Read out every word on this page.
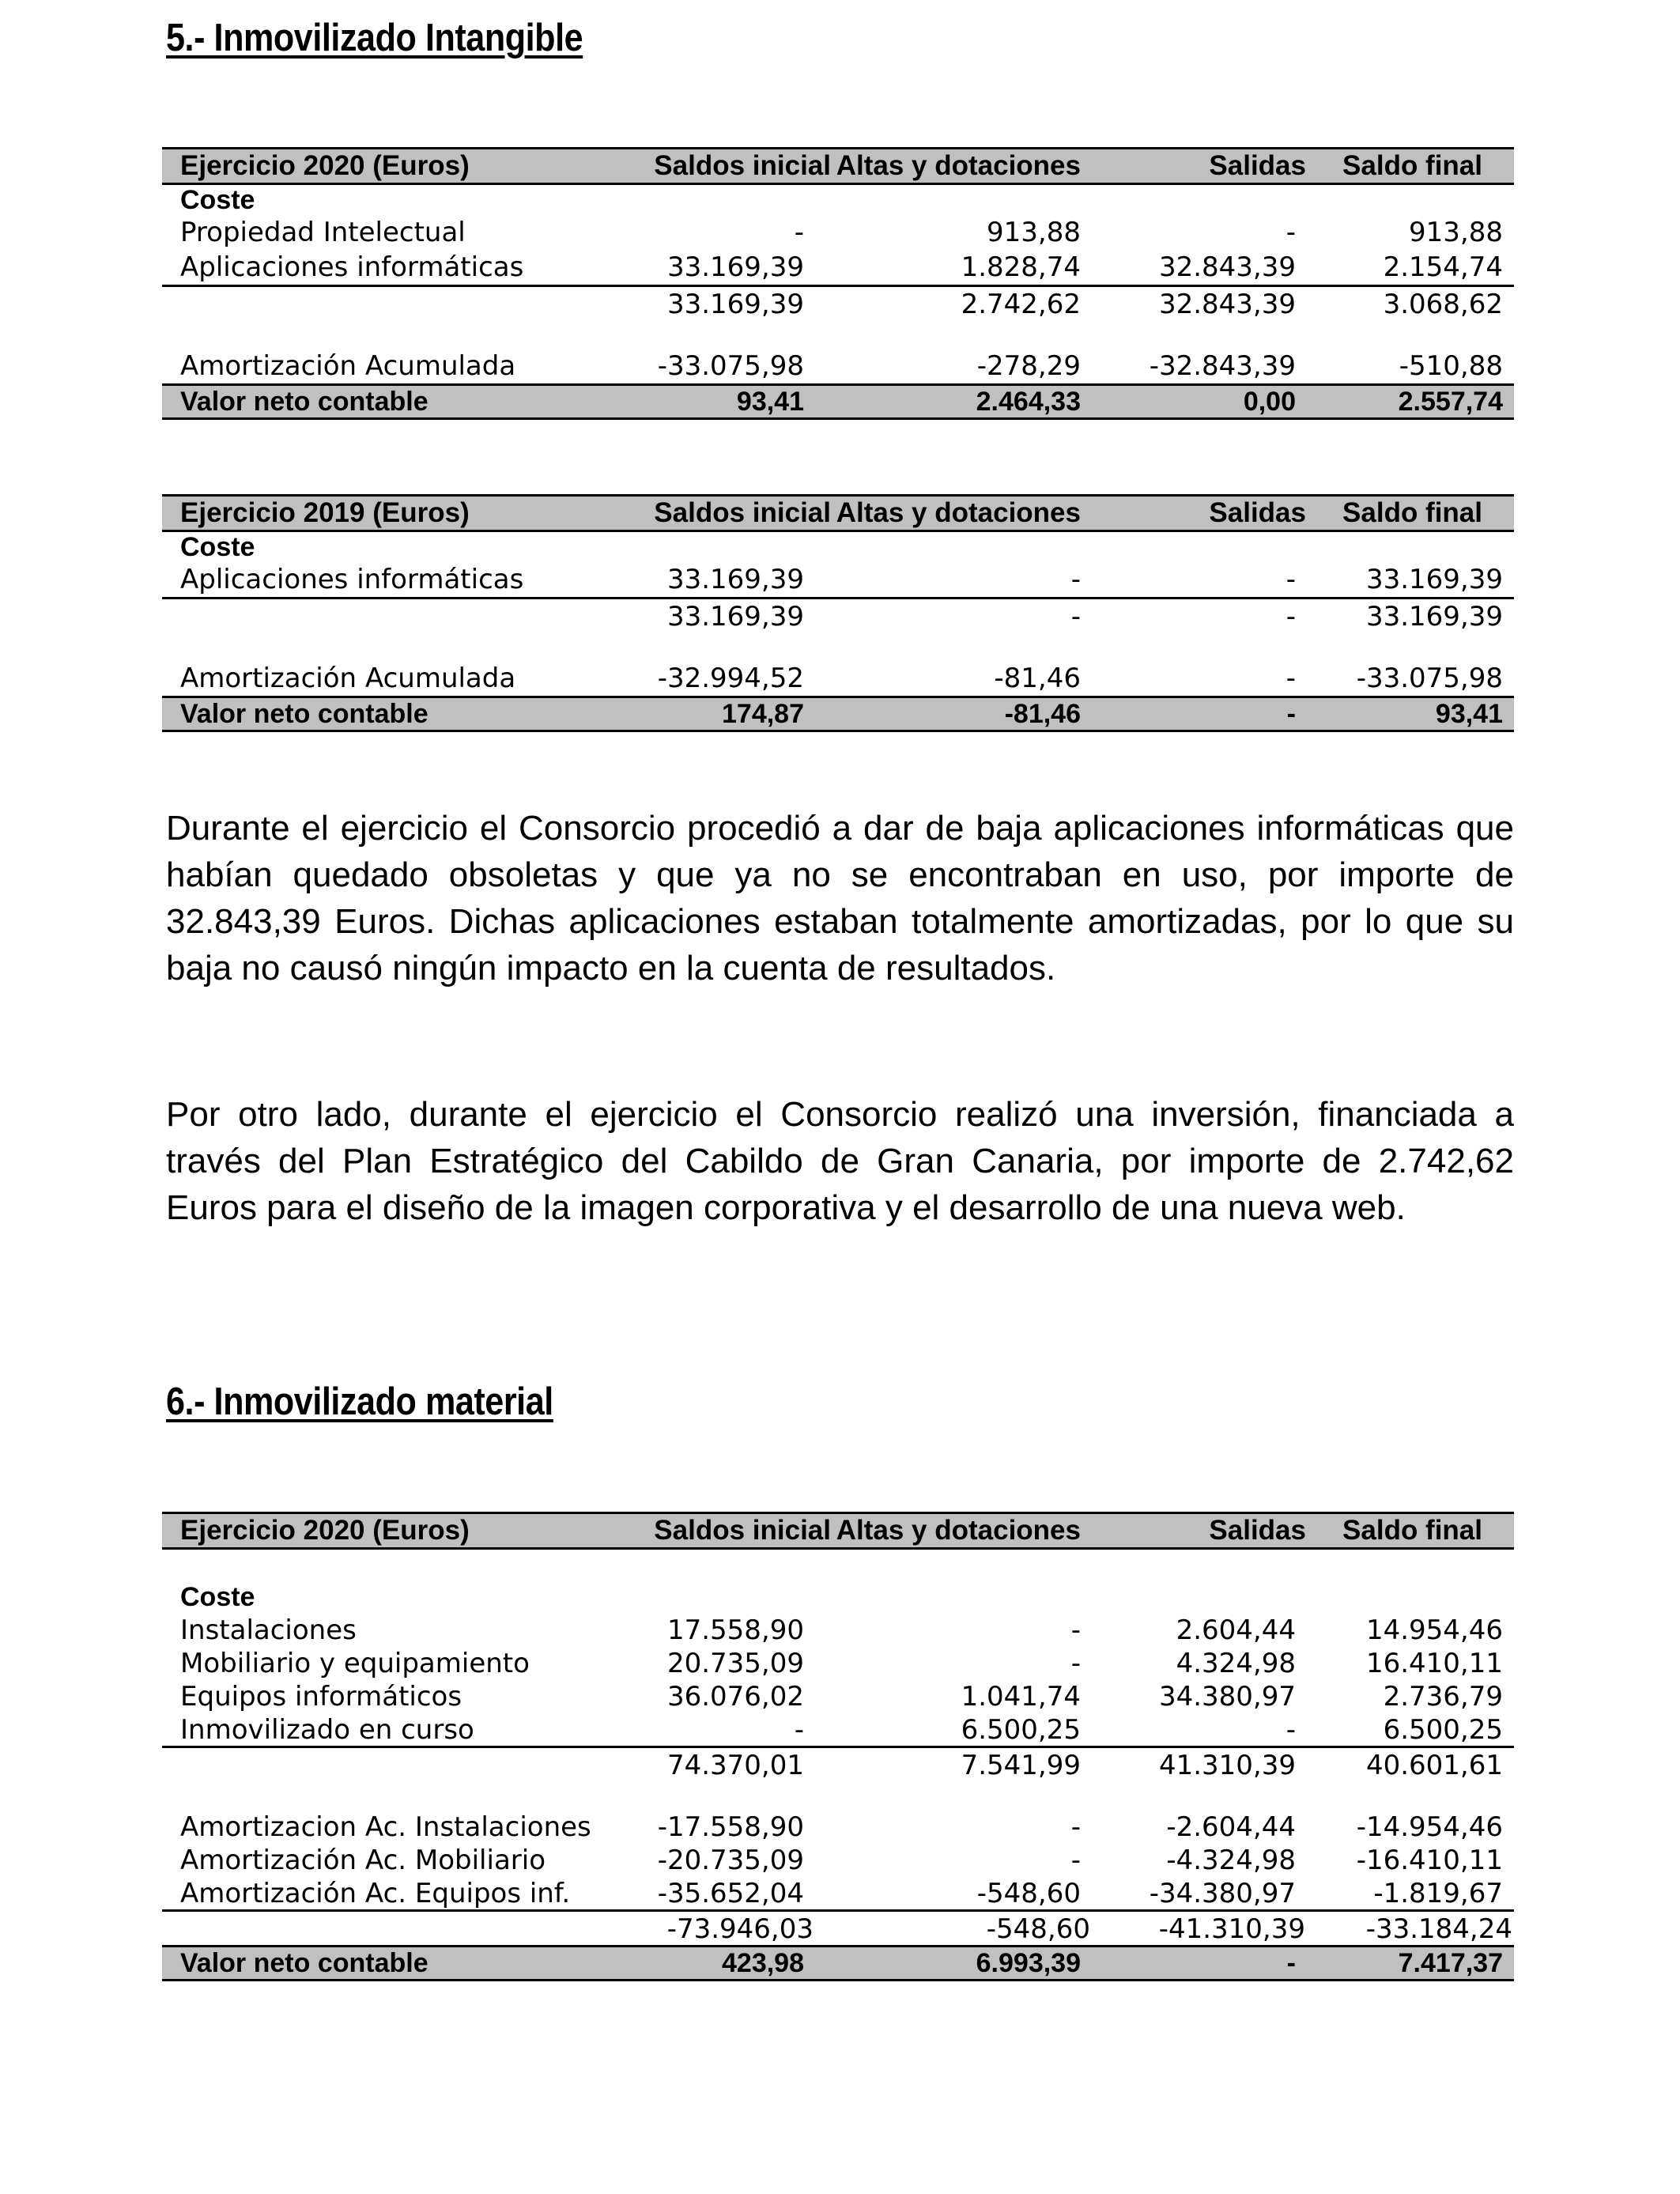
5.- Inmovilizado Intangible
Ejercicio 2020 (Euros)	Saldos inicial Altas y dotaciones	Salidas Saldo final
Coste
Propiedad Intelectual	-	913,88	-	913,88
Aplicaciones informáticas	33.169,39	1.828,74	32.843,39	2.154,74
33.169,39	2.742,62	32.843,39	3.068,62
Amortización Acumulada	-33.075,98	-278,29	-32.843,39	-510,88
Valor neto contable	93,41	2.464,33	0,00	2.557,74
Ejercicio 2019 (Euros)	Saldos inicial Altas y dotaciones	Salidas Saldo final
Coste
Aplicaciones informáticas	33.169,39	-	-	33.169,39
33.169,39	-	-	33.169,39
Amortización Acumulada	-32.994,52	-81,46	- -33.075,98
Valor neto contable	174,87	-81,46	-	93,41

Durante el ejercicio el Consorcio procedió a dar de baja aplicaciones informáticas que habían quedado obsoletas y que ya no se encontraban en uso, por importe de 32.843,39 Euros. Dichas aplicaciones estaban totalmente amortizadas, por lo que su baja no causó ningún impacto en la cuenta de resultados.

Por otro lado, durante el ejercicio el Consorcio realizó una inversión, financiada a través del Plan Estratégico del Cabildo de Gran Canaria, por importe de 2.742,62 Euros para el diseño de la imagen corporativa y el desarrollo de una nueva web.

6.- Inmovilizado material
Ejercicio 2020 (Euros)	Saldos inicial Altas y dotaciones	Salidas Saldo final
Coste
Instalaciones	17.558,90	-	2.604,44	14.954,46
Mobiliario y equipamiento	20.735,09	-	4.324,98	16.410,11
Equipos informáticos	36.076,02	1.041,74	34.380,97	2.736,79
Inmovilizado en curso	-	6.500,25	-	6.500,25
74.370,01	7.541,99	41.310,39	40.601,61
Amortizacion Ac. Instalaciones -17.558,90	-	-2.604,44 -14.954,46
Amortización Ac. Mobiliario	-20.735,09	-	-4.324,98 -16.410,11
Amortización Ac. Equipos inf.	-35.652,04	-548,60	-34.380,97	-1.819,67
-73.946,03	-548,60	-41.310,39 -33.184,24
Valor neto contable	423,98	6.993,39	-	7.417,37
